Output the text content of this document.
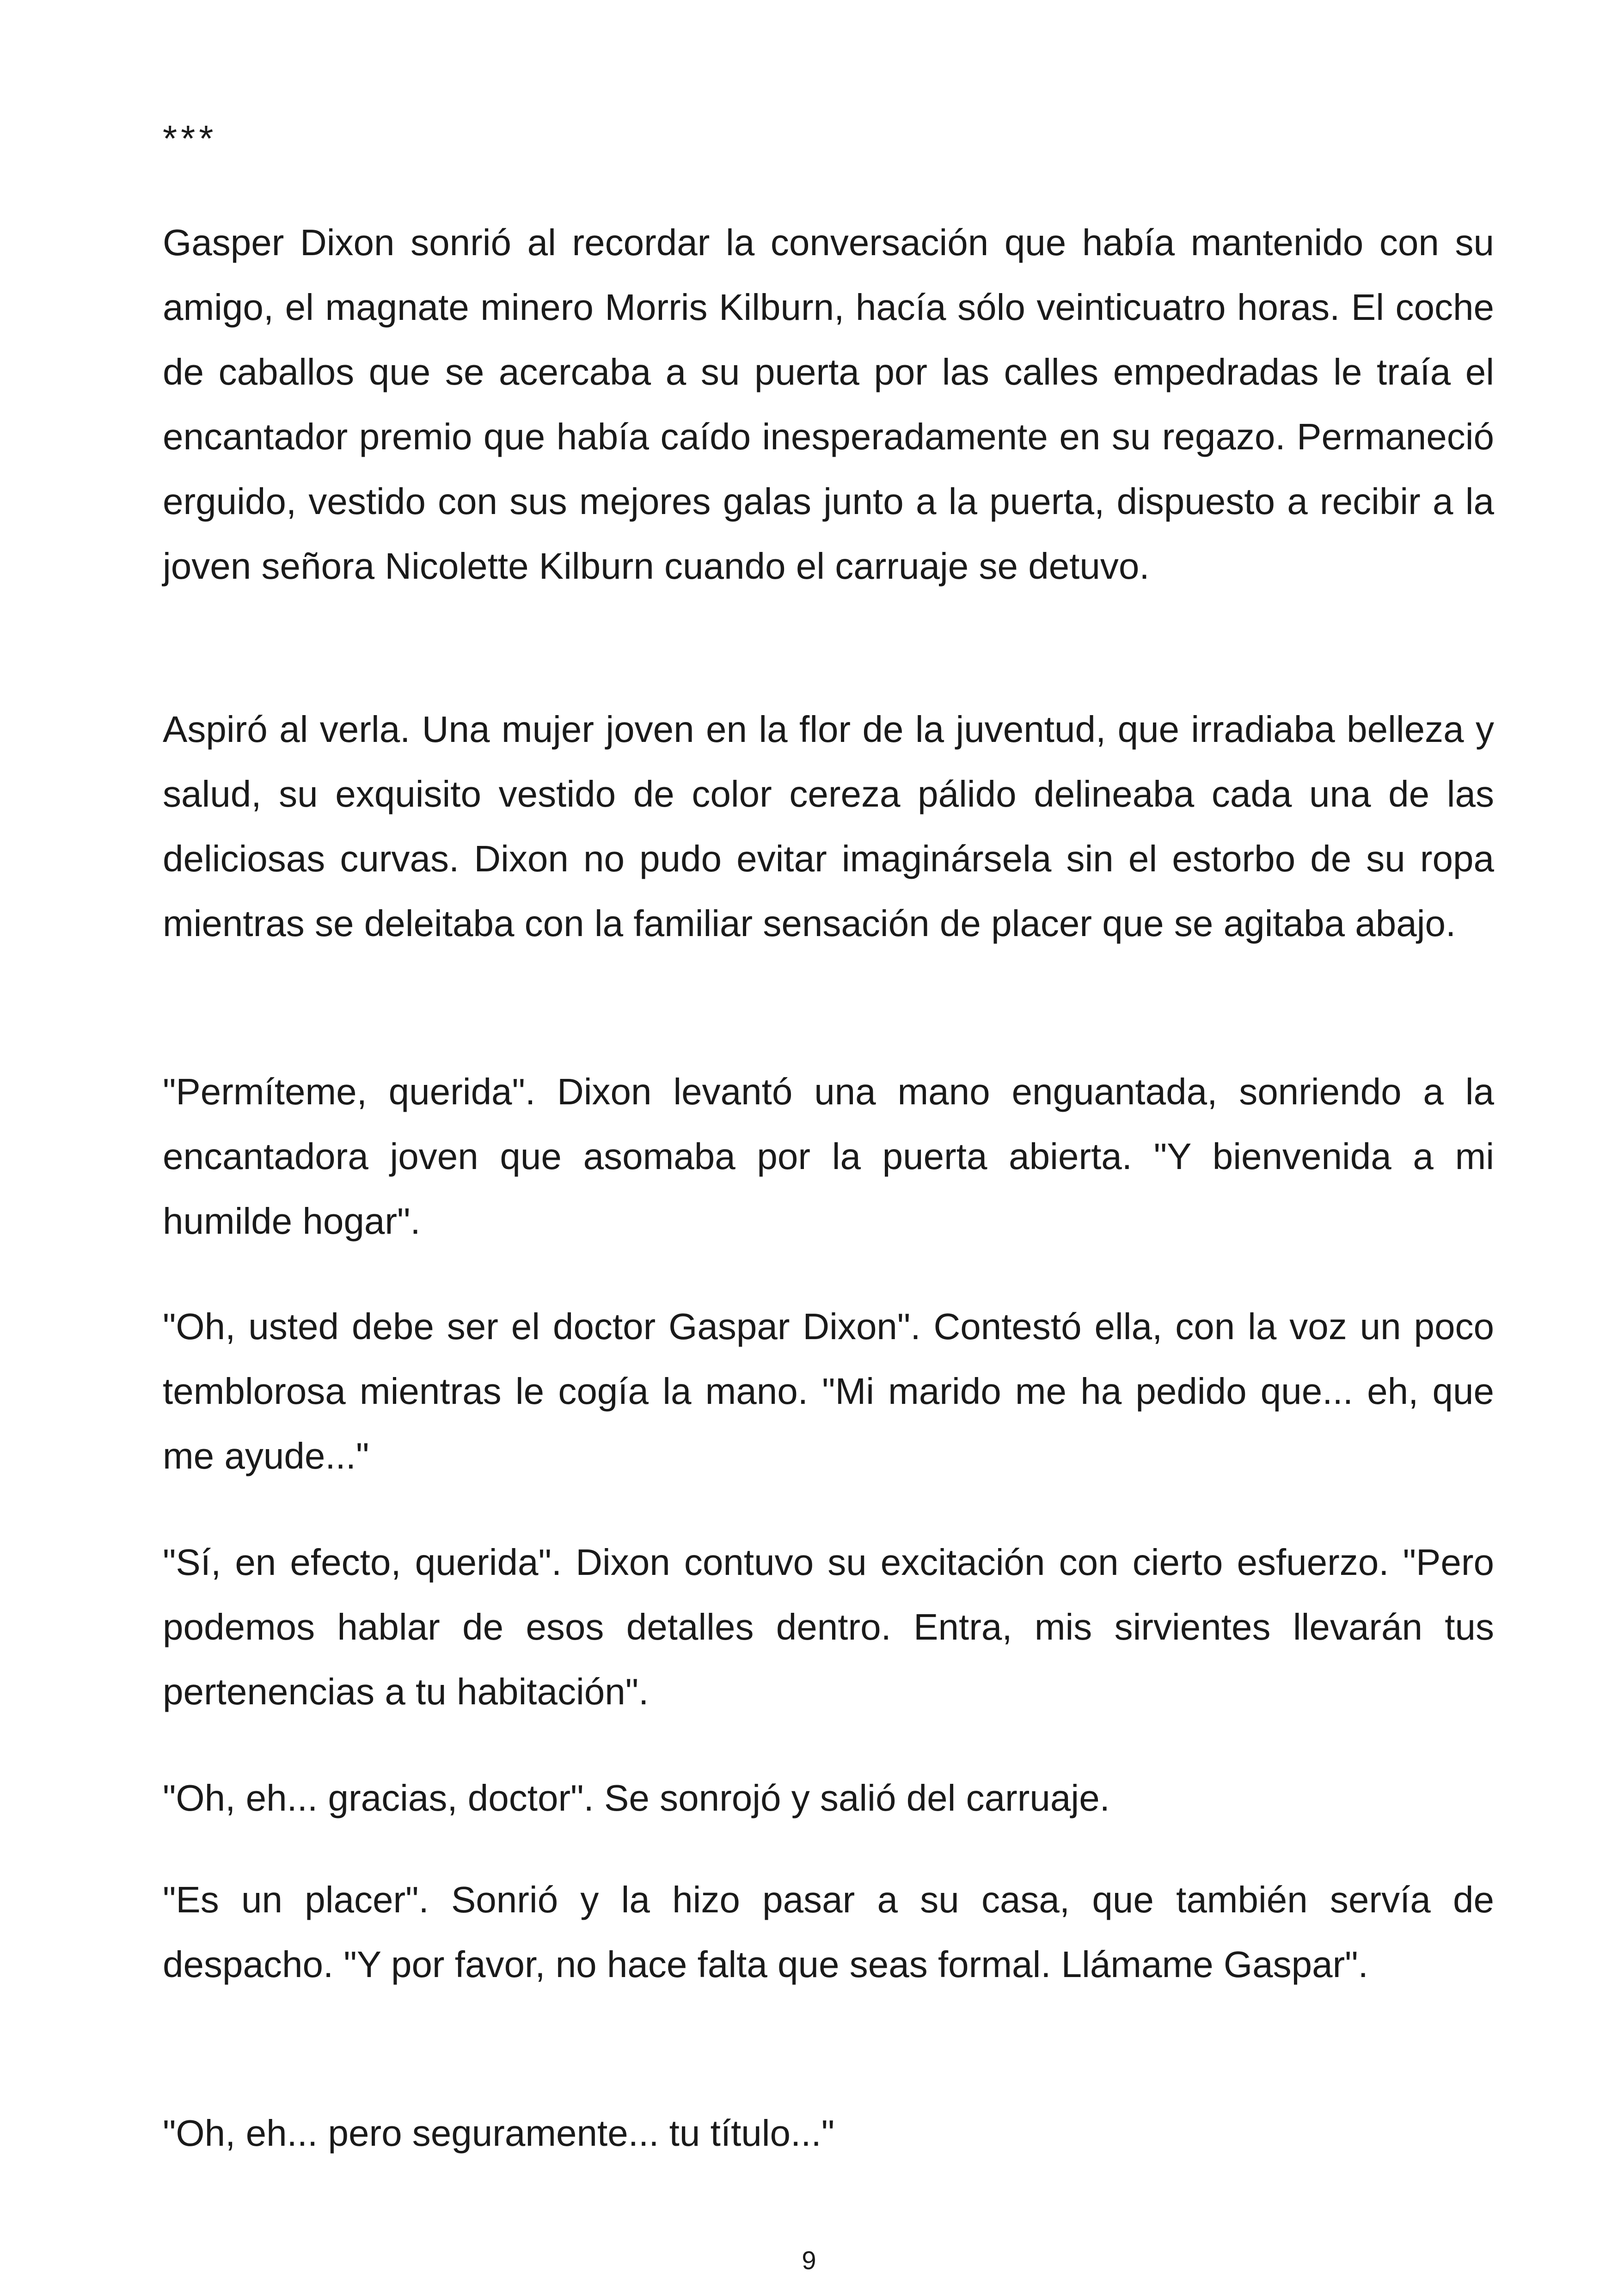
***

Gasper Dixon sonrió al recordar la conversación que había mantenido con su amigo, el magnate minero Morris Kilburn, hacía sólo veinticuatro horas. El coche de caballos que se acercaba a su puerta por las calles empedradas le traía el encantador premio que había caído inesperadamente en su regazo. Permaneció erguido, vestido con sus mejores galas junto a la puerta, dispuesto a recibir a la joven señora Nicolette Kilburn cuando el carruaje se detuvo.

Aspiró al verla. Una mujer joven en la flor de la juventud, que irradiaba belleza y salud, su exquisito vestido de color cereza pálido delineaba cada una de las deliciosas curvas. Dixon no pudo evitar imaginársela sin el estorbo de su ropa mientras se deleitaba con la familiar sensación de placer que se agitaba abajo.

"Permíteme, querida". Dixon levantó una mano enguantada, sonriendo a la encantadora joven que asomaba por la puerta abierta. "Y bienvenida a mi humilde hogar".

"Oh, usted debe ser el doctor Gaspar Dixon". Contestó ella, con la voz un poco temblorosa mientras le cogía la mano. "Mi marido me ha pedido que... eh, que me ayude..."

"Sí, en efecto, querida". Dixon contuvo su excitación con cierto esfuerzo. "Pero podemos hablar de esos detalles dentro. Entra, mis sirvientes llevarán tus pertenencias a tu habitación".

"Oh, eh... gracias, doctor". Se sonrojó y salió del carruaje.

"Es un placer". Sonrió y la hizo pasar a su casa, que también servía de despacho. "Y por favor, no hace falta que seas formal. Llámame Gaspar".

"Oh, eh... pero seguramente... tu título..."

9
